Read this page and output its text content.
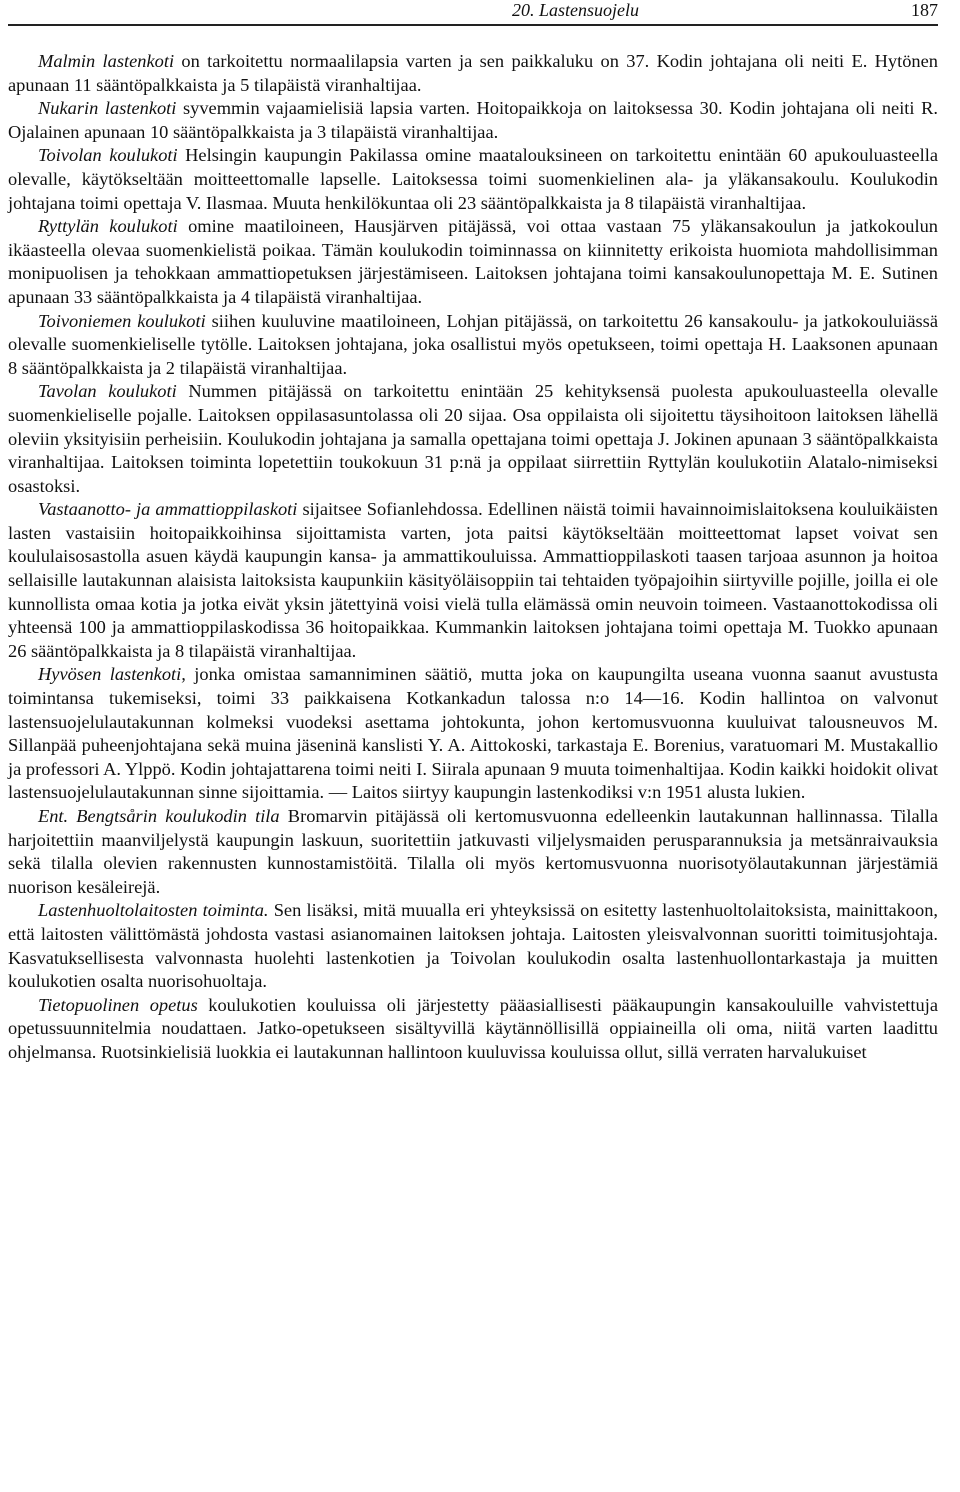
20. Lastensuojelu	187

Malmin lastenkoti on tarkoitettu normaalilapsia varten ja sen paikkaluku on 37. Kodin johtajana oli neiti E. Hytönen apunaan 11 sääntöpalkkaista ja 5 tilapäistä viranhaltijaa.

Nukarin lastenkoti syvemmin vajaamielisiä lapsia varten. Hoitopaikkoja on laitoksessa 30. Kodin johtajana oli neiti R. Ojalainen apunaan 10 sääntöpalkkaista ja 3 tilapäistä viranhaltijaa.

Toivolan koulukoti Helsingin kaupungin Pakilassa omine maatalouksineen on tarkoitettu enintään 60 apukouluasteella olevalle, käytökseltään moitteettomalle lapselle. Laitoksessa toimi suomenkielinen ala- ja yläkansakoulu. Koulukodin johtajana toimi opettaja V. Ilasmaa. Muuta henkilökuntaa oli 23 sääntöpalkkaista ja 8 tilapäistä viranhaltijaa.

Ryttylän koulukoti omine maatiloineen, Hausjärven pitäjässä, voi ottaa vastaan 75 yläkansakoulun ja jatkokoulun ikäasteella olevaa suomenkielistä poikaa. Tämän koulukodin toiminnassa on kiinnitetty erikoista huomiota mahdollisimman monipuolisen ja tehokkaan ammattiopetuksen järjestämiseen. Laitoksen johtajana toimi kansakoulunopettaja M. E. Sutinen apunaan 33 sääntöpalkkaista ja 4 tilapäistä viranhaltijaa.

Toivoniemen koulukoti siihen kuuluvine maatiloineen, Lohjan pitäjässä, on tarkoitettu 26 kansakoulu- ja jatkokouluiässä olevalle suomenkieliselle tytölle. Laitoksen johtajana, joka osallistui myös opetukseen, toimi opettaja H. Laaksonen apunaan 8 sääntöpalkkaista ja 2 tilapäistä viranhaltijaa.

Tavolan koulukoti Nummen pitäjässä on tarkoitettu enintään 25 kehityksensä puolesta apukouluasteella olevalle suomenkieliselle pojalle. Laitoksen oppilasasuntolassa oli 20 sijaa. Osa oppilaista oli sijoitettu täysihoitoon laitoksen lähellä oleviin yksityisiin perheisiin. Koulukodin johtajana ja samalla opettajana toimi opettaja J. Jokinen apunaan 3 sääntöpalkkaista viranhaltijaa. Laitoksen toiminta lopetettiin toukokuun 31 p:nä ja oppilaat siirrettiin Ryttylän koulukotiin Alatalo-nimiseksi osastoksi.

Vastaanotto- ja ammattioppilaskoti sijaitsee Sofianlehdossa. Edellinen näistä toimii havainnoimislaitoksena kouluikäisten lasten vastaisiin hoitopaikkoihinsa sijoittamista varten, jota paitsi käytökseltään moitteettomat lapset voivat sen koululaisosastolla asuen käydä kaupungin kansa- ja ammattikouluissa. Ammattioppilaskoti taasen tarjoaa asunnon ja hoitoa sellaisille lautakunnan alaisista laitoksista kaupunkiin käsityöläisoppiin tai tehtaiden työpajoihin siirtyville pojille, joilla ei ole kunnollista omaa kotia ja jotka eivät yksin jätettyinä voisi vielä tulla elämässä omin neuvoin toimeen. Vastaanottokodissa oli yhteensä 100 ja ammattioppilaskodissa 36 hoitopaikkaa. Kummankin laitoksen johtajana toimi opettaja M. Tuokko apunaan 26 sääntöpalkkaista ja 8 tilapäistä viranhaltijaa.

Hyvösen lastenkoti, jonka omistaa samanniminen säätiö, mutta joka on kaupungilta useana vuonna saanut avustusta toimintansa tukemiseksi, toimi 33 paikkaisena Kotkankadun talossa n:o 14—16. Kodin hallintoa on valvonut lastensuojelulautakunnan kolmeksi vuodeksi asettama johtokunta, johon kertomusvuonna kuuluivat talousneuvos M. Sillanpää puheenjohtajana sekä muina jäseninä kanslisti Y. A. Aittokoski, tarkastaja E. Borenius, varatuomari M. Mustakallio ja professori A. Ylppö. Kodin johtajattarena toimi neiti I. Siirala apunaan 9 muuta toimenhaltijaa. Kodin kaikki hoidokit olivat lastensuojelulautakunnan sinne sijoittamia. — Laitos siirtyy kaupungin lastenkodiksi v:n 1951 alusta lukien.

Ent. Bengtsårin koulukodin tila Bromarvin pitäjässä oli kertomusvuonna edelleenkin lautakunnan hallinnassa. Tilalla harjoitettiin maanviljelystä kaupungin laskuun, suoritettiin jatkuvasti viljelysmaiden perusparannuksia ja metsänraivauksia sekä tilalla olevien rakennusten kunnostamistöitä. Tilalla oli myös kertomusvuonna nuorisotyölautakunnan järjestämiä nuorison kesäleirejä.

Lastenhuoltolaitosten toiminta. Sen lisäksi, mitä muualla eri yhteyksissä on esitetty lastenhuoltolaitoksista, mainittakoon, että laitosten välittömästä johdosta vastasi asianomainen laitoksen johtaja. Laitosten yleisvalvonnan suoritti toimitusjohtaja. Kasvatuksellisesta valvonnasta huolehti lastenkotien ja Toivolan koulukodin osalta lastenhuollontarkastaja ja muitten koulukotien osalta nuorisohuoltaja.

Tietopuolinen opetus koulukotien kouluissa oli järjestetty pääasiallisesti pääkaupungin kansakouluille vahvistettuja opetussuunnitelmia noudattaen. Jatko-opetukseen sisältyvillä käytännöllisillä oppiaineilla oli oma, niitä varten laadittu ohjelmansa. Ruotsinkielisiä luokkia ei lautakunnan hallintoon kuuluvissa kouluissa ollut, sillä verraten harvalukuiset
